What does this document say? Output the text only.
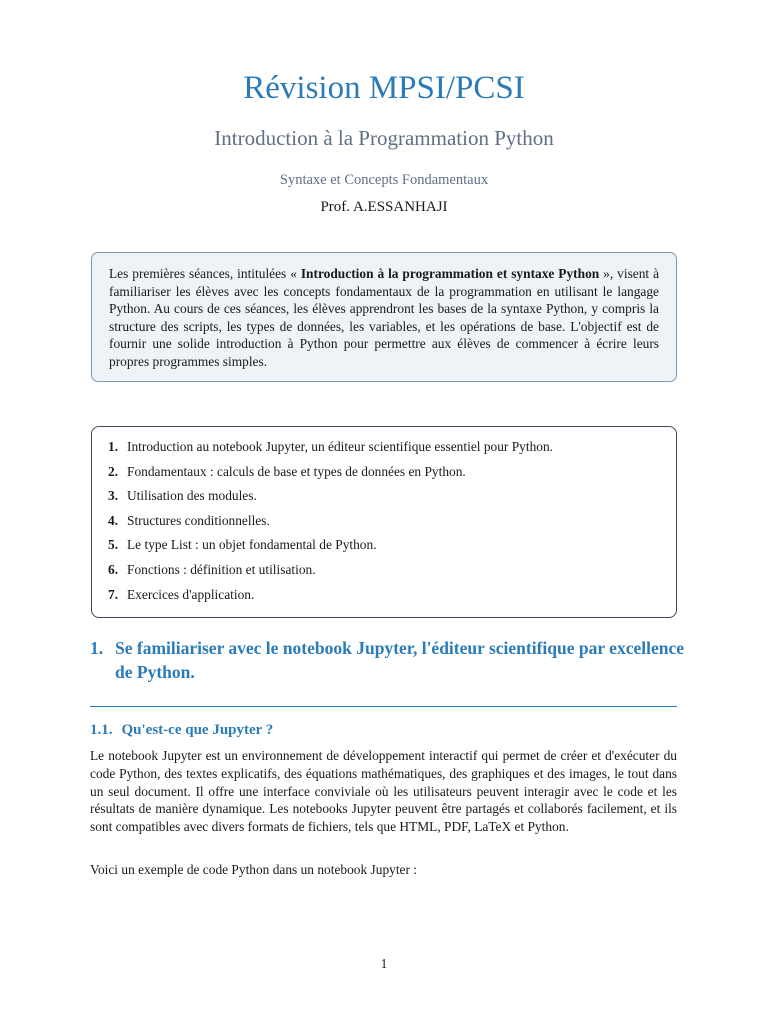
Révision MPSI/PCSI
Introduction à la Programmation Python
Syntaxe et Concepts Fondamentaux
Prof. A.ESSANHAJI
Les premières séances, intitulées « Introduction à la programmation et syntaxe Python », visent à familiariser les élèves avec les concepts fondamentaux de la programmation en utilisant le langage Python. Au cours de ces séances, les élèves apprendront les bases de la syntaxe Python, y compris la structure des scripts, les types de données, les variables, et les opérations de base. L'objectif est de fournir une solide introduction à Python pour permettre aux élèves de commencer à écrire leurs propres programmes simples.
1. Introduction au notebook Jupyter, un éditeur scientifique essentiel pour Python.
2. Fondamentaux : calculs de base et types de données en Python.
3. Utilisation des modules.
4. Structures conditionnelles.
5. Le type List : un objet fondamental de Python.
6. Fonctions : définition et utilisation.
7. Exercices d'application.
1. Se familiariser avec le notebook Jupyter, l'éditeur scientifique par excellence de Python.
1.1. Qu'est-ce que Jupyter ?
Le notebook Jupyter est un environnement de développement interactif qui permet de créer et d'exécuter du code Python, des textes explicatifs, des équations mathématiques, des graphiques et des images, le tout dans un seul document. Il offre une interface conviviale où les utilisateurs peuvent interagir avec le code et les résultats de manière dynamique. Les notebooks Jupyter peuvent être partagés et collaborés facilement, et ils sont compatibles avec divers formats de fichiers, tels que HTML, PDF, LaTeX et Python.
Voici un exemple de code Python dans un notebook Jupyter :
1
